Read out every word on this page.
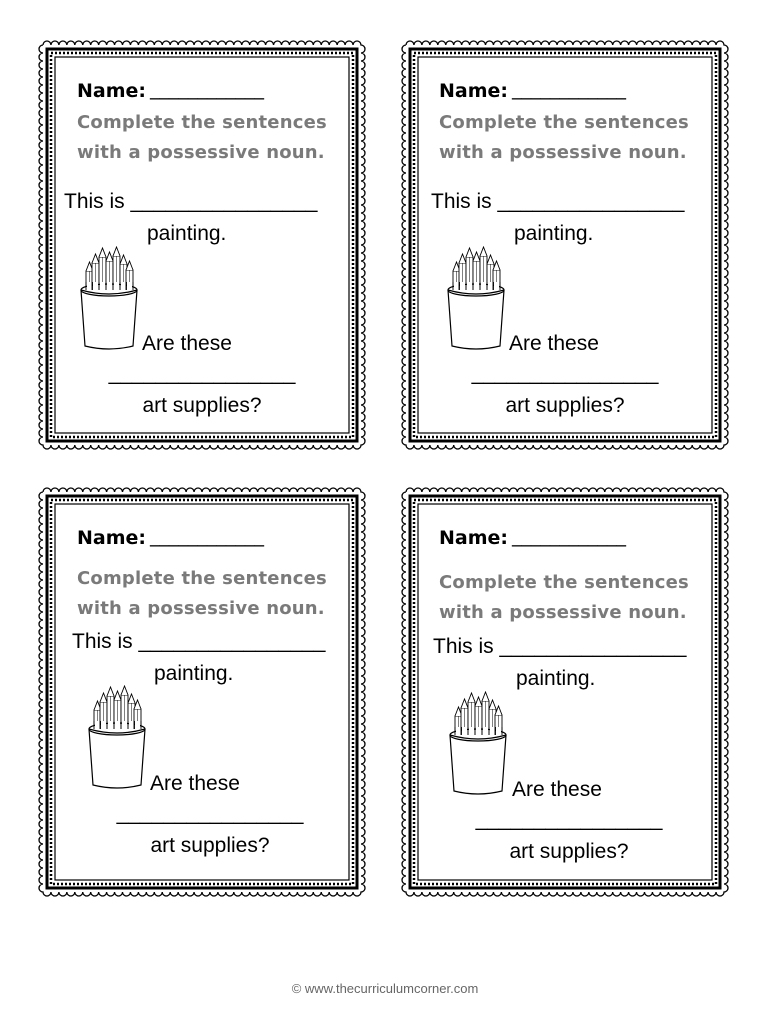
Name: ____________
Complete the sentences
with a possessive noun.
This is ________________
painting.
Are these
________________
art supplies?
Name: ____________
Complete the sentences
with a possessive noun.
This is ________________
painting.
Are these
________________
art supplies?
Name: ____________
Complete the sentences
with a possessive noun.
This is ________________
painting.
Are these
________________
art supplies?
Name: ____________
Complete the sentences
with a possessive noun.
This is ________________
painting.
Are these
________________
art supplies?
© www.thecurriculumcorner.com
